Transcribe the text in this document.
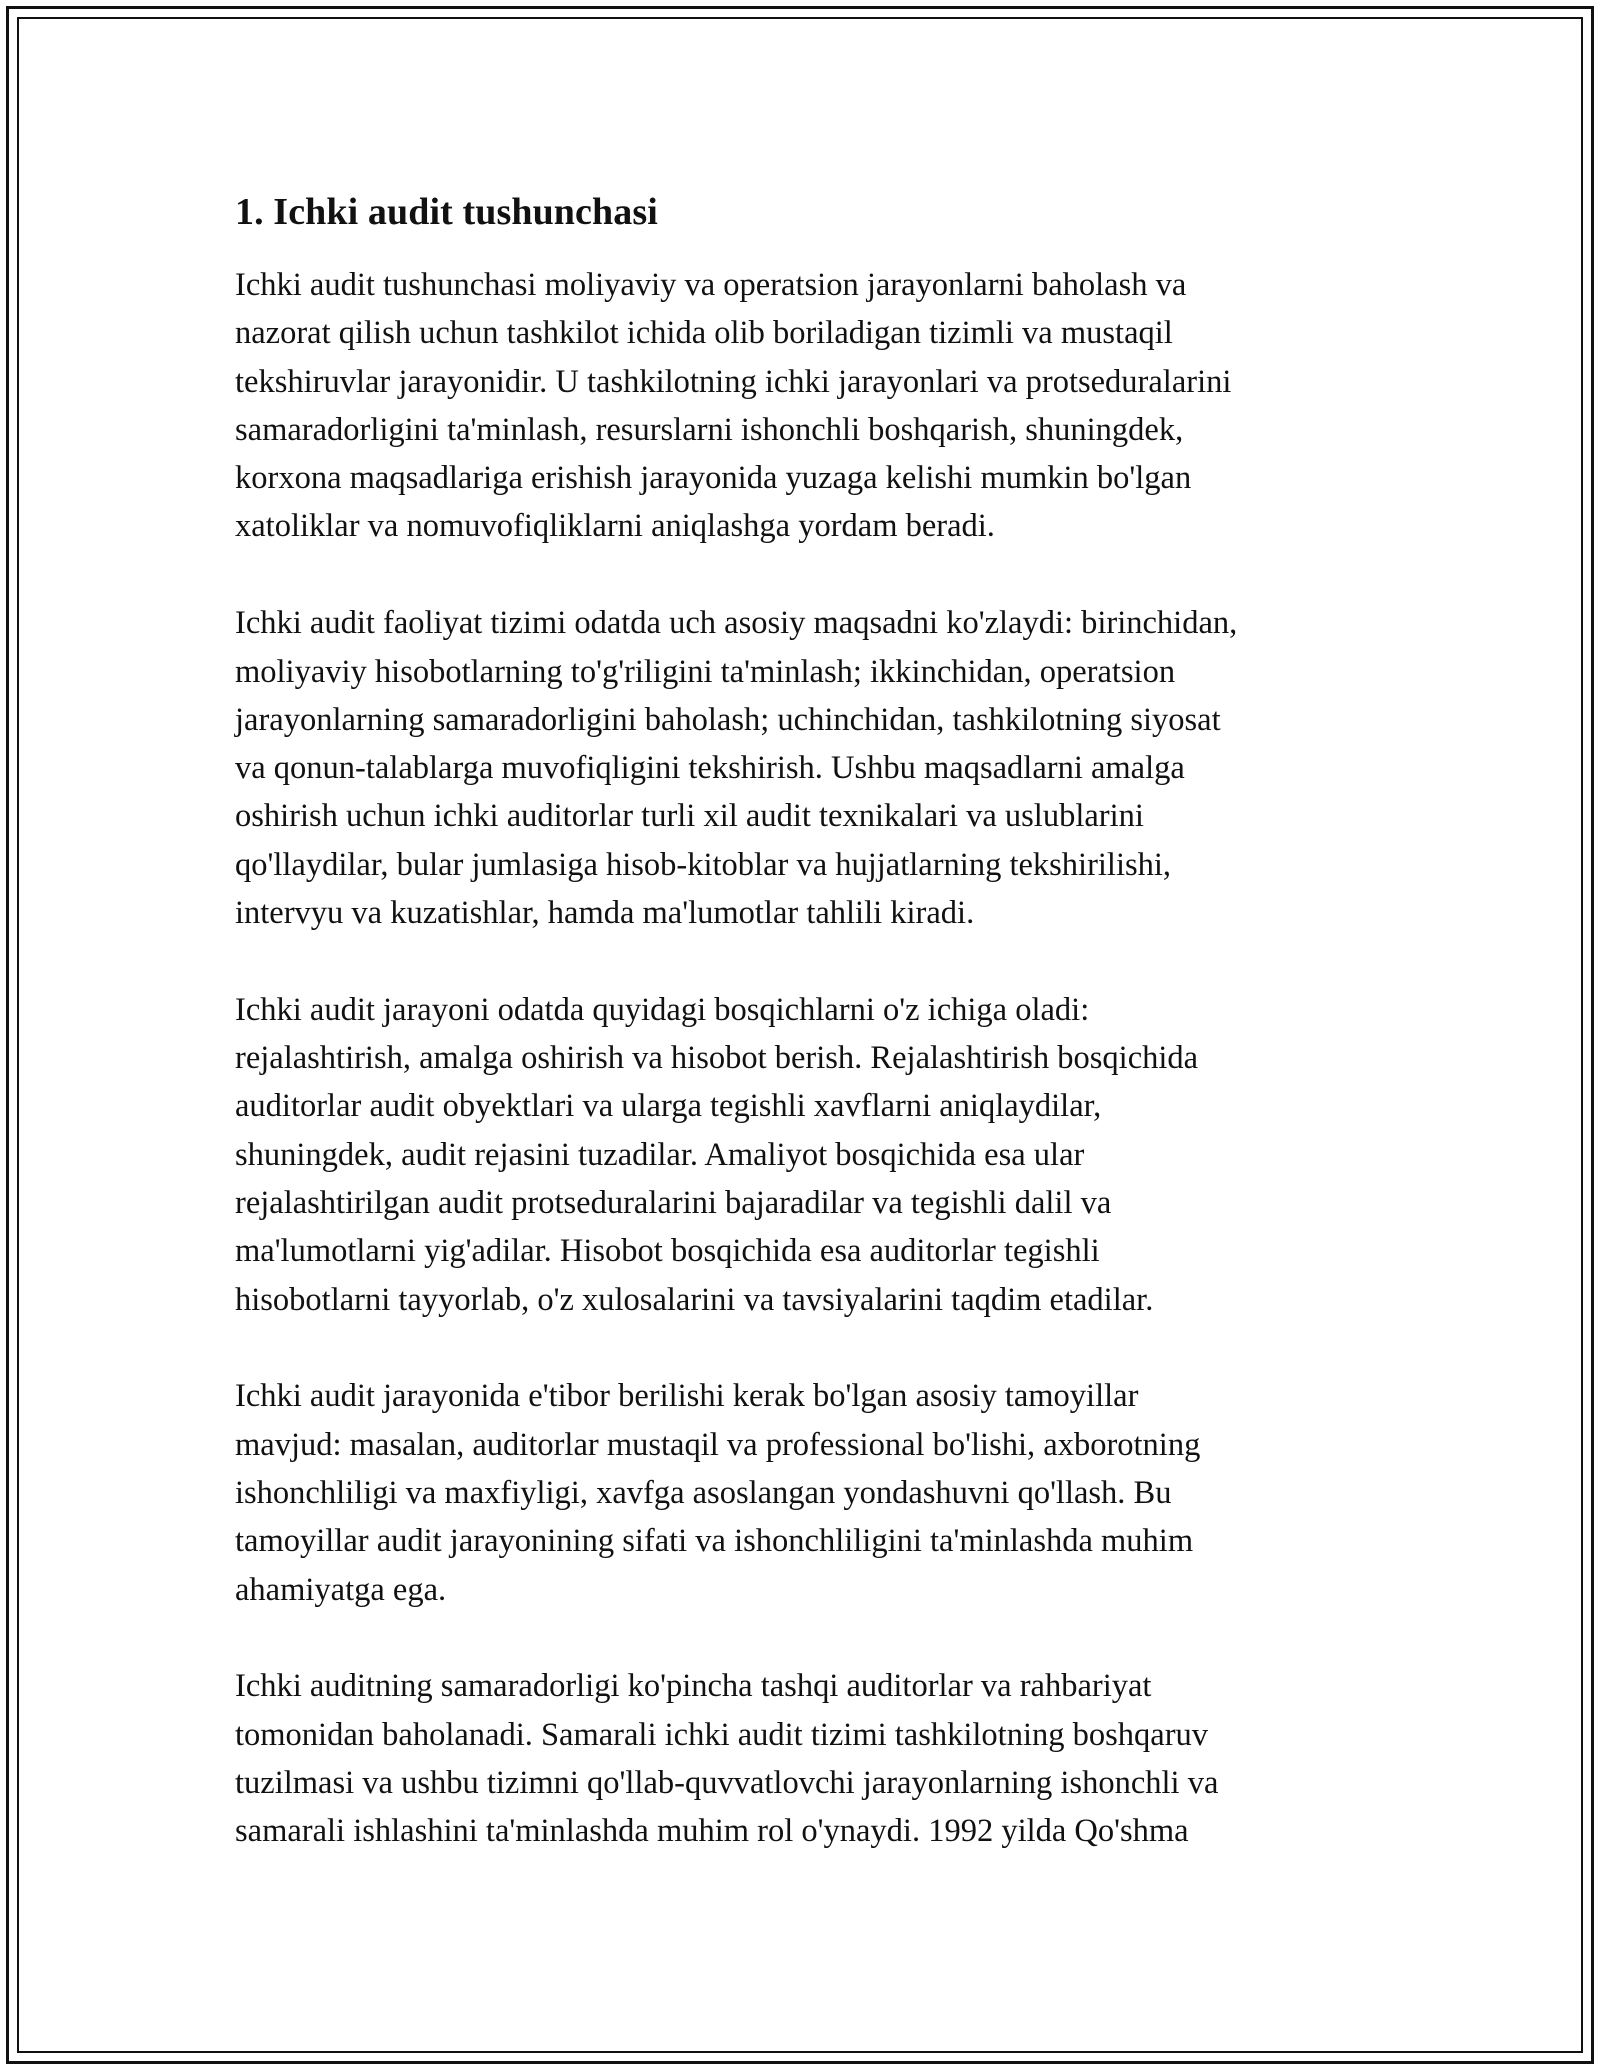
1. Ichki audit tushunchasi

Ichki audit tushunchasi moliyaviy va operatsion jarayonlarni baholash va
nazorat qilish uchun tashkilot ichida olib boriladigan tizimli va mustaqil
tekshiruvlar jarayonidir. U tashkilotning ichki jarayonlari va protseduralarini
samaradorligini ta'minlash, resurslarni ishonchli boshqarish, shuningdek,
korxona maqsadlariga erishish jarayonida yuzaga kelishi mumkin bo'lgan
xatoliklar va nomuvofiqliklarni aniqlashga yordam beradi.

Ichki audit faoliyat tizimi odatda uch asosiy maqsadni ko'zlaydi: birinchidan,
moliyaviy hisobotlarning to'g'riligini ta'minlash; ikkinchidan, operatsion
jarayonlarning samaradorligini baholash; uchinchidan, tashkilotning siyosat
va qonun-talablarga muvofiqligini tekshirish. Ushbu maqsadlarni amalga
oshirish uchun ichki auditorlar turli xil audit texnikalari va uslublarini
qo'llaydilar, bular jumlasiga hisob-kitoblar va hujjatlarning tekshirilishi,
intervyu va kuzatishlar, hamda ma'lumotlar tahlili kiradi.

Ichki audit jarayoni odatda quyidagi bosqichlarni o'z ichiga oladi:
rejalashtirish, amalga oshirish va hisobot berish. Rejalashtirish bosqichida
auditorlar audit obyektlari va ularga tegishli xavflarni aniqlaydilar,
shuningdek, audit rejasini tuzadilar. Amaliyot bosqichida esa ular
rejalashtirilgan audit protseduralarini bajaradilar va tegishli dalil va
ma'lumotlarni yig'adilar. Hisobot bosqichida esa auditorlar tegishli
hisobotlarni tayyorlab, o'z xulosalarini va tavsiyalarini taqdim etadilar.

Ichki audit jarayonida e'tibor berilishi kerak bo'lgan asosiy tamoyillar
mavjud: masalan, auditorlar mustaqil va professional bo'lishi, axborotning
ishonchliligi va maxfiyligi, xavfga asoslangan yondashuvni qo'llash. Bu
tamoyillar audit jarayonining sifati va ishonchliligini ta'minlashda muhim
ahamiyatga ega.

Ichki auditning samaradorligi ko'pincha tashqi auditorlar va rahbariyat
tomonidan baholanadi. Samarali ichki audit tizimi tashkilotning boshqaruv
tuzilmasi va ushbu tizimni qo'llab-quvvatlovchi jarayonlarning ishonchli va
samarali ishlashini ta'minlashda muhim rol o'ynaydi. 1992 yilda Qo'shma
